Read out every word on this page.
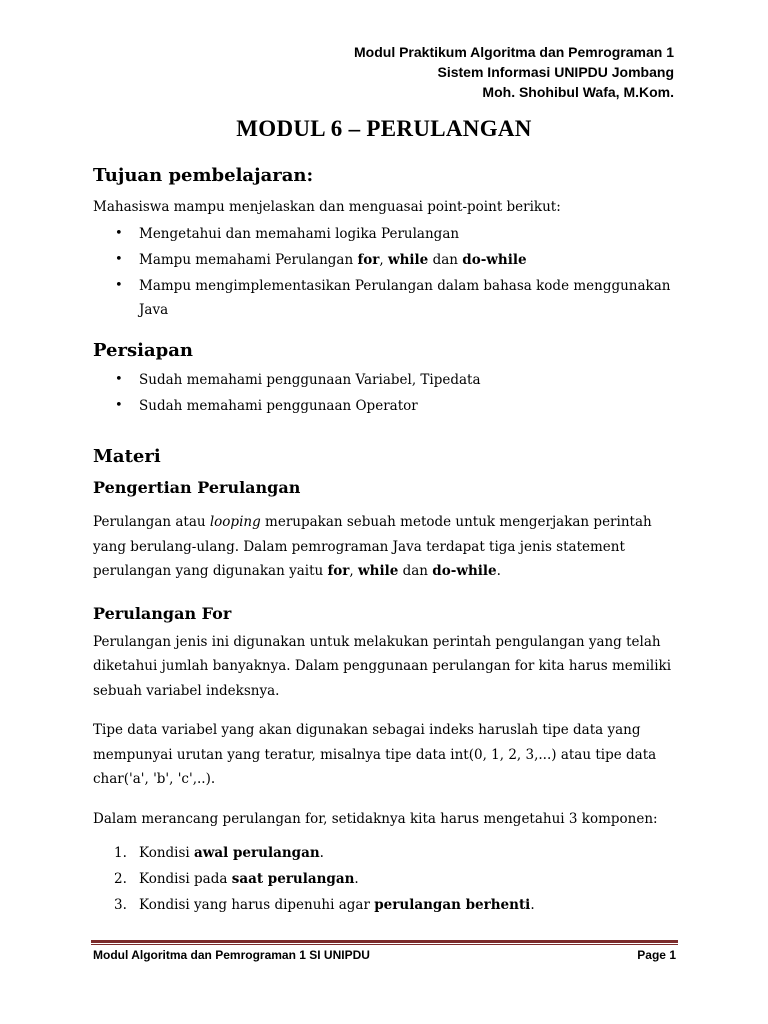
Modul Praktikum Algoritma dan Pemrograman 1
Sistem Informasi UNIPDU Jombang
Moh. Shohibul Wafa, M.Kom.
MODUL 6 – PERULANGAN
Tujuan pembelajaran:

Mahasiswa mampu menjelaskan dan menguasai point-point berikut:

• Mengetahui dan memahami logika Perulangan
• Mampu memahami Perulangan for, while dan do-while
• Mampu mengimplementasikan Perulangan dalam bahasa kode menggunakan Java
Persiapan
• Sudah memahami penggunaan Variabel, Tipedata
• Sudah memahami penggunaan Operator
Materi
Pengertian Perulangan

Perulangan atau looping merupakan sebuah metode untuk mengerjakan perintah yang berulang-ulang. Dalam pemrograman Java terdapat tiga jenis statement perulangan yang digunakan yaitu for, while dan do-while.

Perulangan For

Perulangan jenis ini digunakan untuk melakukan perintah pengulangan yang telah diketahui jumlah banyaknya. Dalam penggunaan perulangan for kita harus memiliki sebuah variabel indeksnya.

Tipe data variabel yang akan digunakan sebagai indeks haruslah tipe data yang mempunyai urutan yang teratur, misalnya tipe data int(0, 1, 2, 3,...) atau tipe data char('a', 'b', 'c',..).

Dalam merancang perulangan for, setidaknya kita harus mengetahui 3 komponen:

1. Kondisi awal perulangan.
2. Kondisi pada saat perulangan.
3. Kondisi yang harus dipenuhi agar perulangan berhenti.
Modul Algoritma dan Pemrograman 1 SI UNIPDU	Page 1
